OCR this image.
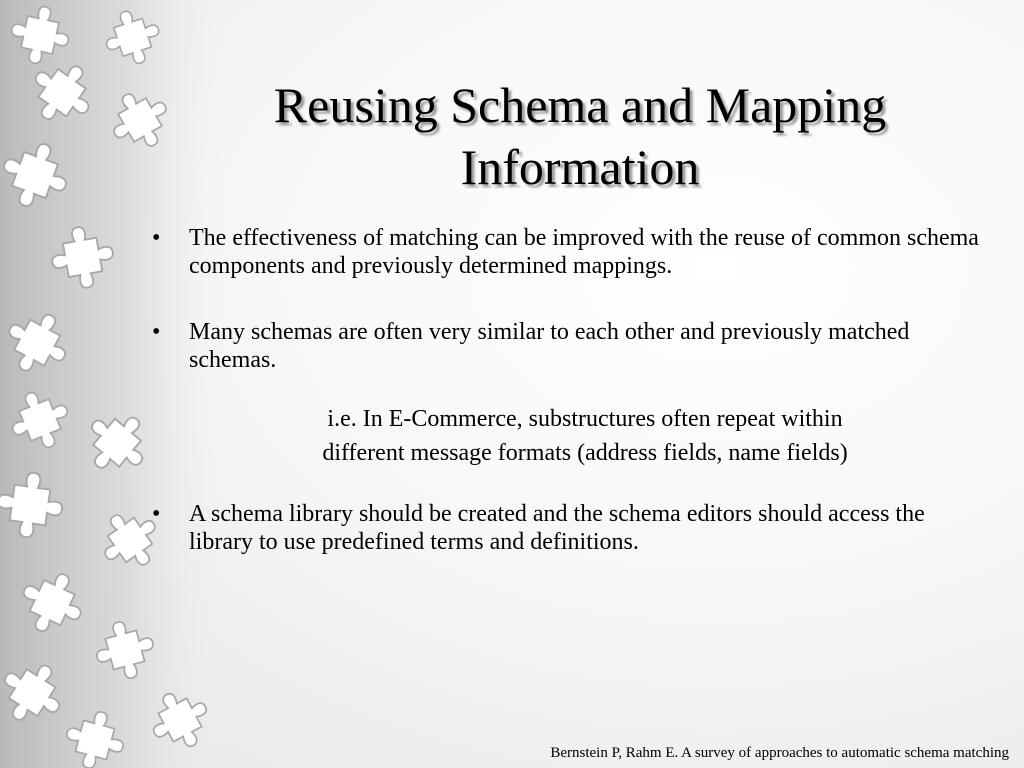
Reusing Schema and Mapping
Information
• The effectiveness of matching can be improved with the reuse of common schema components and previously determined mappings.
• Many schemas are often very similar to each other and previously matched schemas.
i.e. In E-Commerce, substructures often repeat within
different message formats (address fields, name fields)
• A schema library should be created and the schema editors should access the library to use predefined terms and definitions.
Bernstein P, Rahm E. A survey of approaches to automatic schema matching
